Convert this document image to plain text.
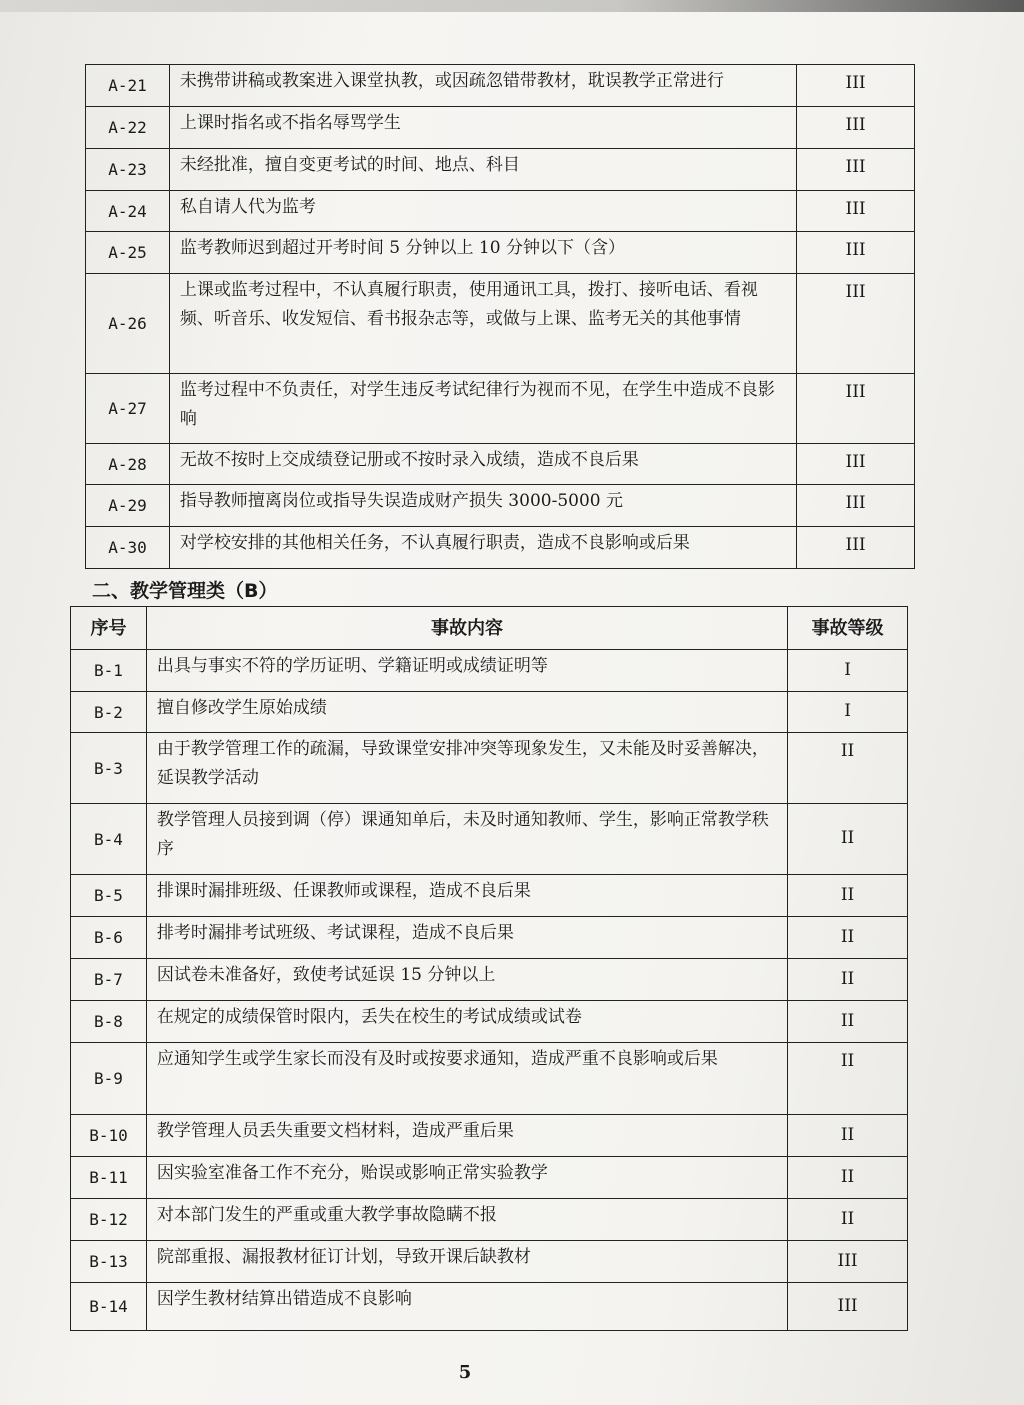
A-21	未携带讲稿或教案进入课堂执教，或因疏忽错带教材，耽误教学正常进行	III
A-22	上课时指名或不指名辱骂学生	III
A-23	未经批准，擅自变更考试的时间、地点、科目	III
A-24	私自请人代为监考	III
A-25	监考教师迟到超过开考时间 5 分钟以上 10 分钟以下（含）	III
A-26	上课或监考过程中，不认真履行职责，使用通讯工具，拨打、接听电话、看视频、听音乐、收发短信、看书报杂志等，或做与上课、监考无关的其他事情	III
A-27	监考过程中不负责任，对学生违反考试纪律行为视而不见，在学生中造成不良影响	III
A-28	无故不按时上交成绩登记册或不按时录入成绩，造成不良后果	III
A-29	指导教师擅离岗位或指导失误造成财产损失 3000-5000 元	III
A-30	对学校安排的其他相关任务，不认真履行职责，造成不良影响或后果	III
二、教学管理类（B）
序号	事故内容	事故等级
B-1	出具与事实不符的学历证明、学籍证明或成绩证明等	I
B-2	擅自修改学生原始成绩	I
B-3	由于教学管理工作的疏漏，导致课堂安排冲突等现象发生，又未能及时妥善解决，延误教学活动	II
B-4	教学管理人员接到调（停）课通知单后，未及时通知教师、学生，影响正常教学秩序	II
B-5	排课时漏排班级、任课教师或课程，造成不良后果	II
B-6	排考时漏排考试班级、考试课程，造成不良后果	II
B-7	因试卷未准备好，致使考试延误 15 分钟以上	II
B-8	在规定的成绩保管时限内，丢失在校生的考试成绩或试卷	II
B-9	应通知学生或学生家长而没有及时或按要求通知，造成严重不良影响或后果	II
B-10	教学管理人员丢失重要文档材料，造成严重后果	II
B-11	因实验室准备工作不充分，贻误或影响正常实验教学	II
B-12	对本部门发生的严重或重大教学事故隐瞒不报	II
B-13	院部重报、漏报教材征订计划，导致开课后缺教材	III
B-14	因学生教材结算出错造成不良影响	III
5
